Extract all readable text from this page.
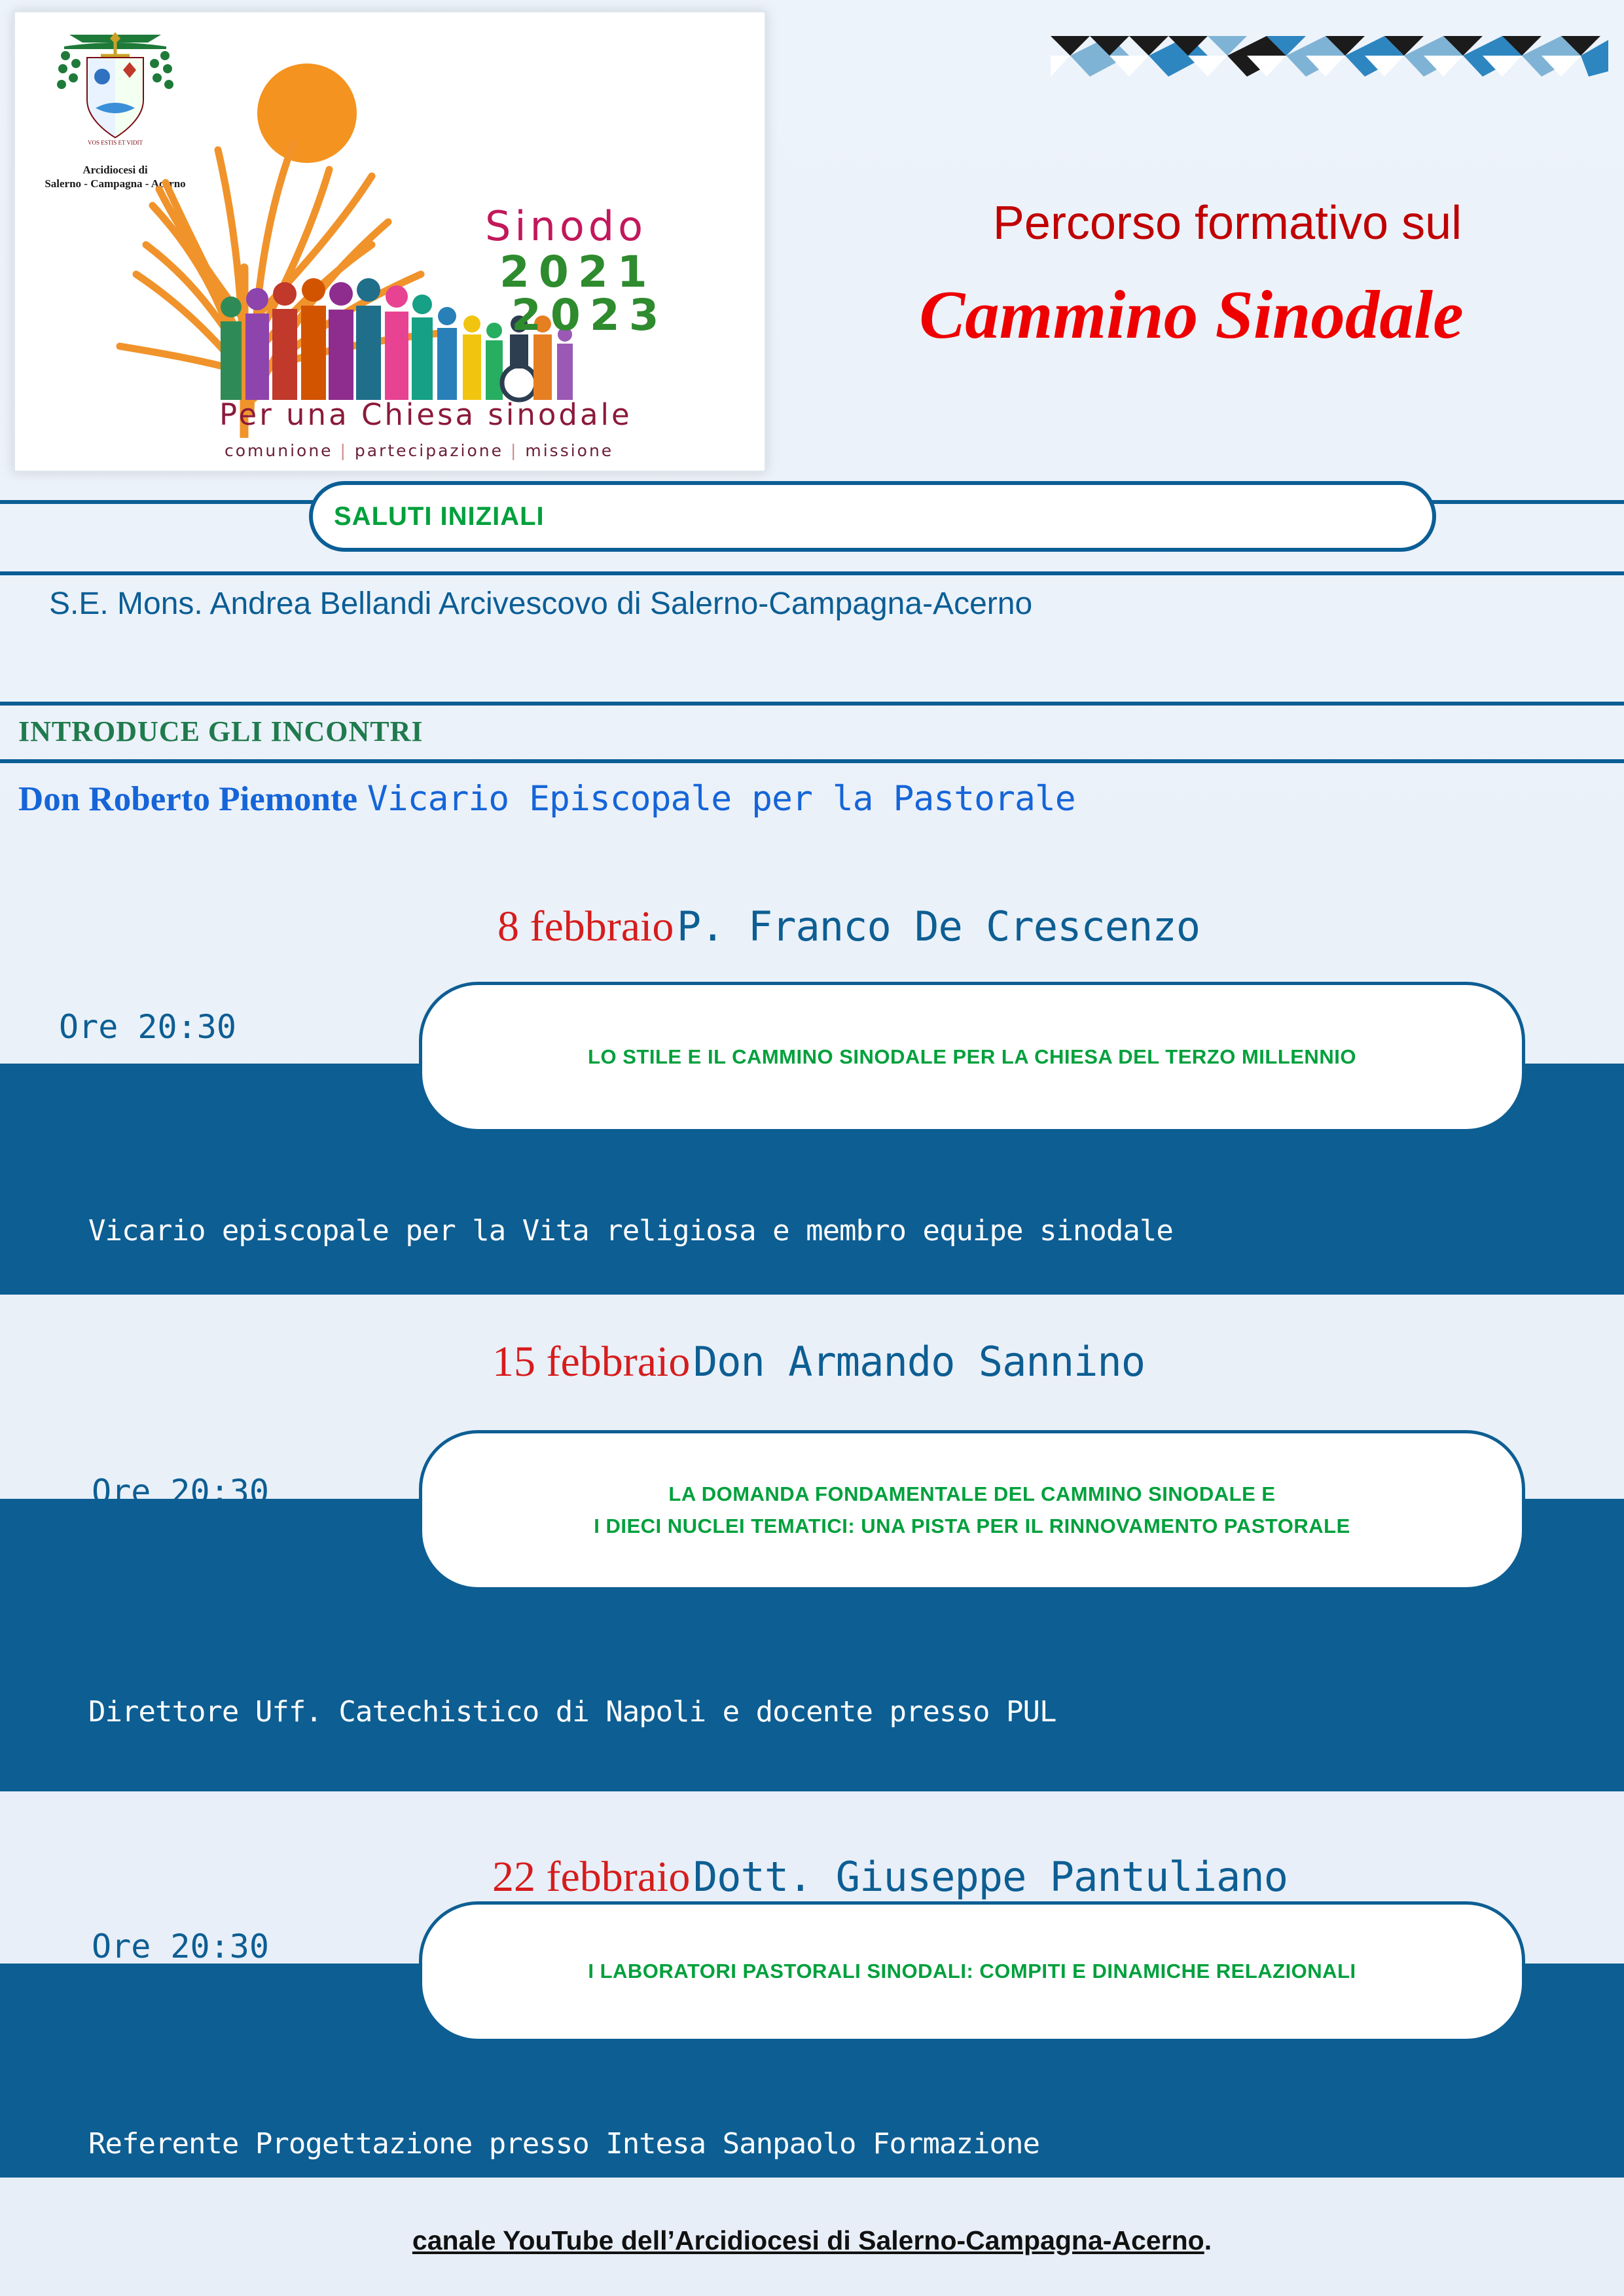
VOS ESTIS ET VIDIT
Arcidiocesi di
Salerno - Campagna - Acerno
Sinodo
2021
2023
Per una Chiesa sinodale
comunione | partecipazione | missione
Percorso formativo sul
Cammino Sinodale
SALUTI INIZIALI
S.E. Mons. Andrea Bellandi Arcivescovo di Salerno-Campagna-Acerno
INTRODUCE GLI INCONTRI
Don Roberto Piemonte Vicario Episcopale per la Pastorale
8 febbraio P. Franco De Crescenzo
Ore 20:30
LO STILE E IL CAMMINO SINODALE PER LA CHIESA DEL TERZO MILLENNIO
Vicario episcopale per la Vita religiosa e membro equipe sinodale
15 febbraio Don Armando Sannino
Ore 20:30	LA DOMANDA FONDAMENTALE DEL CAMMINO SINODALE E
I DIECI NUCLEI TEMATICI: UNA PISTA PER IL RINNOVAMENTO PASTORALE
Direttore Uff. Catechistico di Napoli e docente presso PUL
22 febbraio Dott. Giuseppe Pantuliano
Ore 20:30
I LABORATORI PASTORALI SINODALI: COMPITI E DINAMICHE RELAZIONALI
Referente Progettazione presso Intesa Sanpaolo Formazione
canale YouTube dell’Arcidiocesi di Salerno-Campagna-Acerno.
